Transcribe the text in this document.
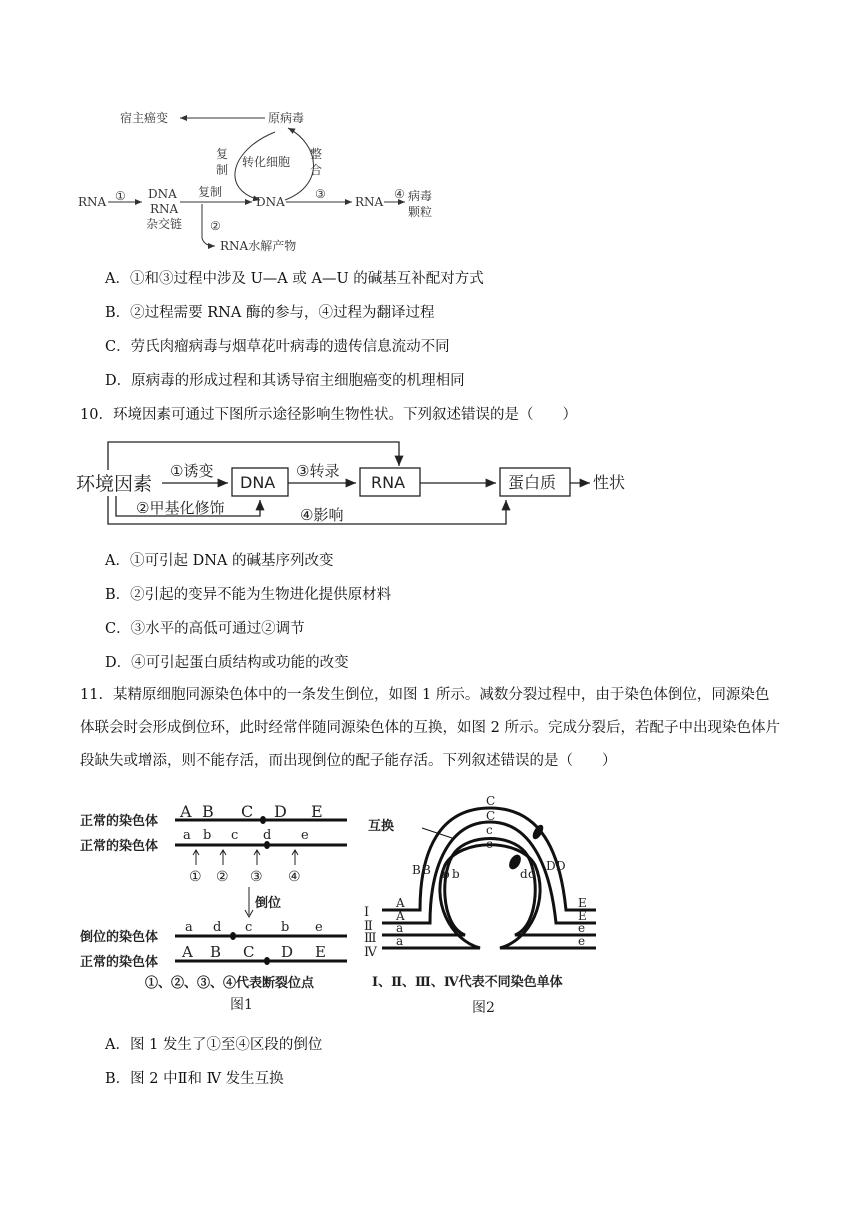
宿主癌变	原病毒
复
制
转化细胞
整
合
RNA ① DNA
RNA
杂交链
复制
DNA
③
RNA
④ 病毒
颗粒
②
RNA水解产物
A．①和③过程中涉及 U—A 或 A—U 的碱基互补配对方式
B．②过程需要 RNA 酶的参与，④过程为翻译过程
C．劳氏肉瘤病毒与烟草花叶病毒的遗传信息流动不同
D．原病毒的形成过程和其诱导宿主细胞癌变的机理相同
10．环境因素可通过下图所示途径影响生物性状。下列叙述错误的是（　　）
环境因素
①诱变
DNA
③转录
RNA	蛋白质 性状
②甲基化修饰	④影响
A．①可引起 DNA 的碱基序列改变
B．②引起的变异不能为生物进化提供原材料
C．③水平的高低可通过②调节
D．④可引起蛋白质结构或功能的改变
11．某精原细胞同源染色体中的一条发生倒位，如图 1 所示。减数分裂过程中，由于染色体倒位，同源染色体联会时会形成倒位环，此时经常伴随同源染色体的互换，如图 2 所示。完成分裂后，若配子中出现染色体片段缺失或增添，则不能存活，而出现倒位的配子能存活。下列叙述错误的是（　　）
正常的染色体
正常的染色体
倒位的染色体
正常的染色体
A B C D E
a b c d e
a d c b e
A B C D E
① ② ③ ④
倒位
①、②、③、④代表断裂位点
图1
互换
Ⅰ
Ⅱ
Ⅲ
Ⅳ
Ⅰ、Ⅱ、Ⅲ、Ⅳ代表不同染色单体
图2
C
C
c
c
A
A
a
a
E
E
e
e
B B b b
D
D
d
d
A．图 1 发生了①至④区段的倒位
B．图 2 中Ⅱ和 Ⅳ 发生互换
